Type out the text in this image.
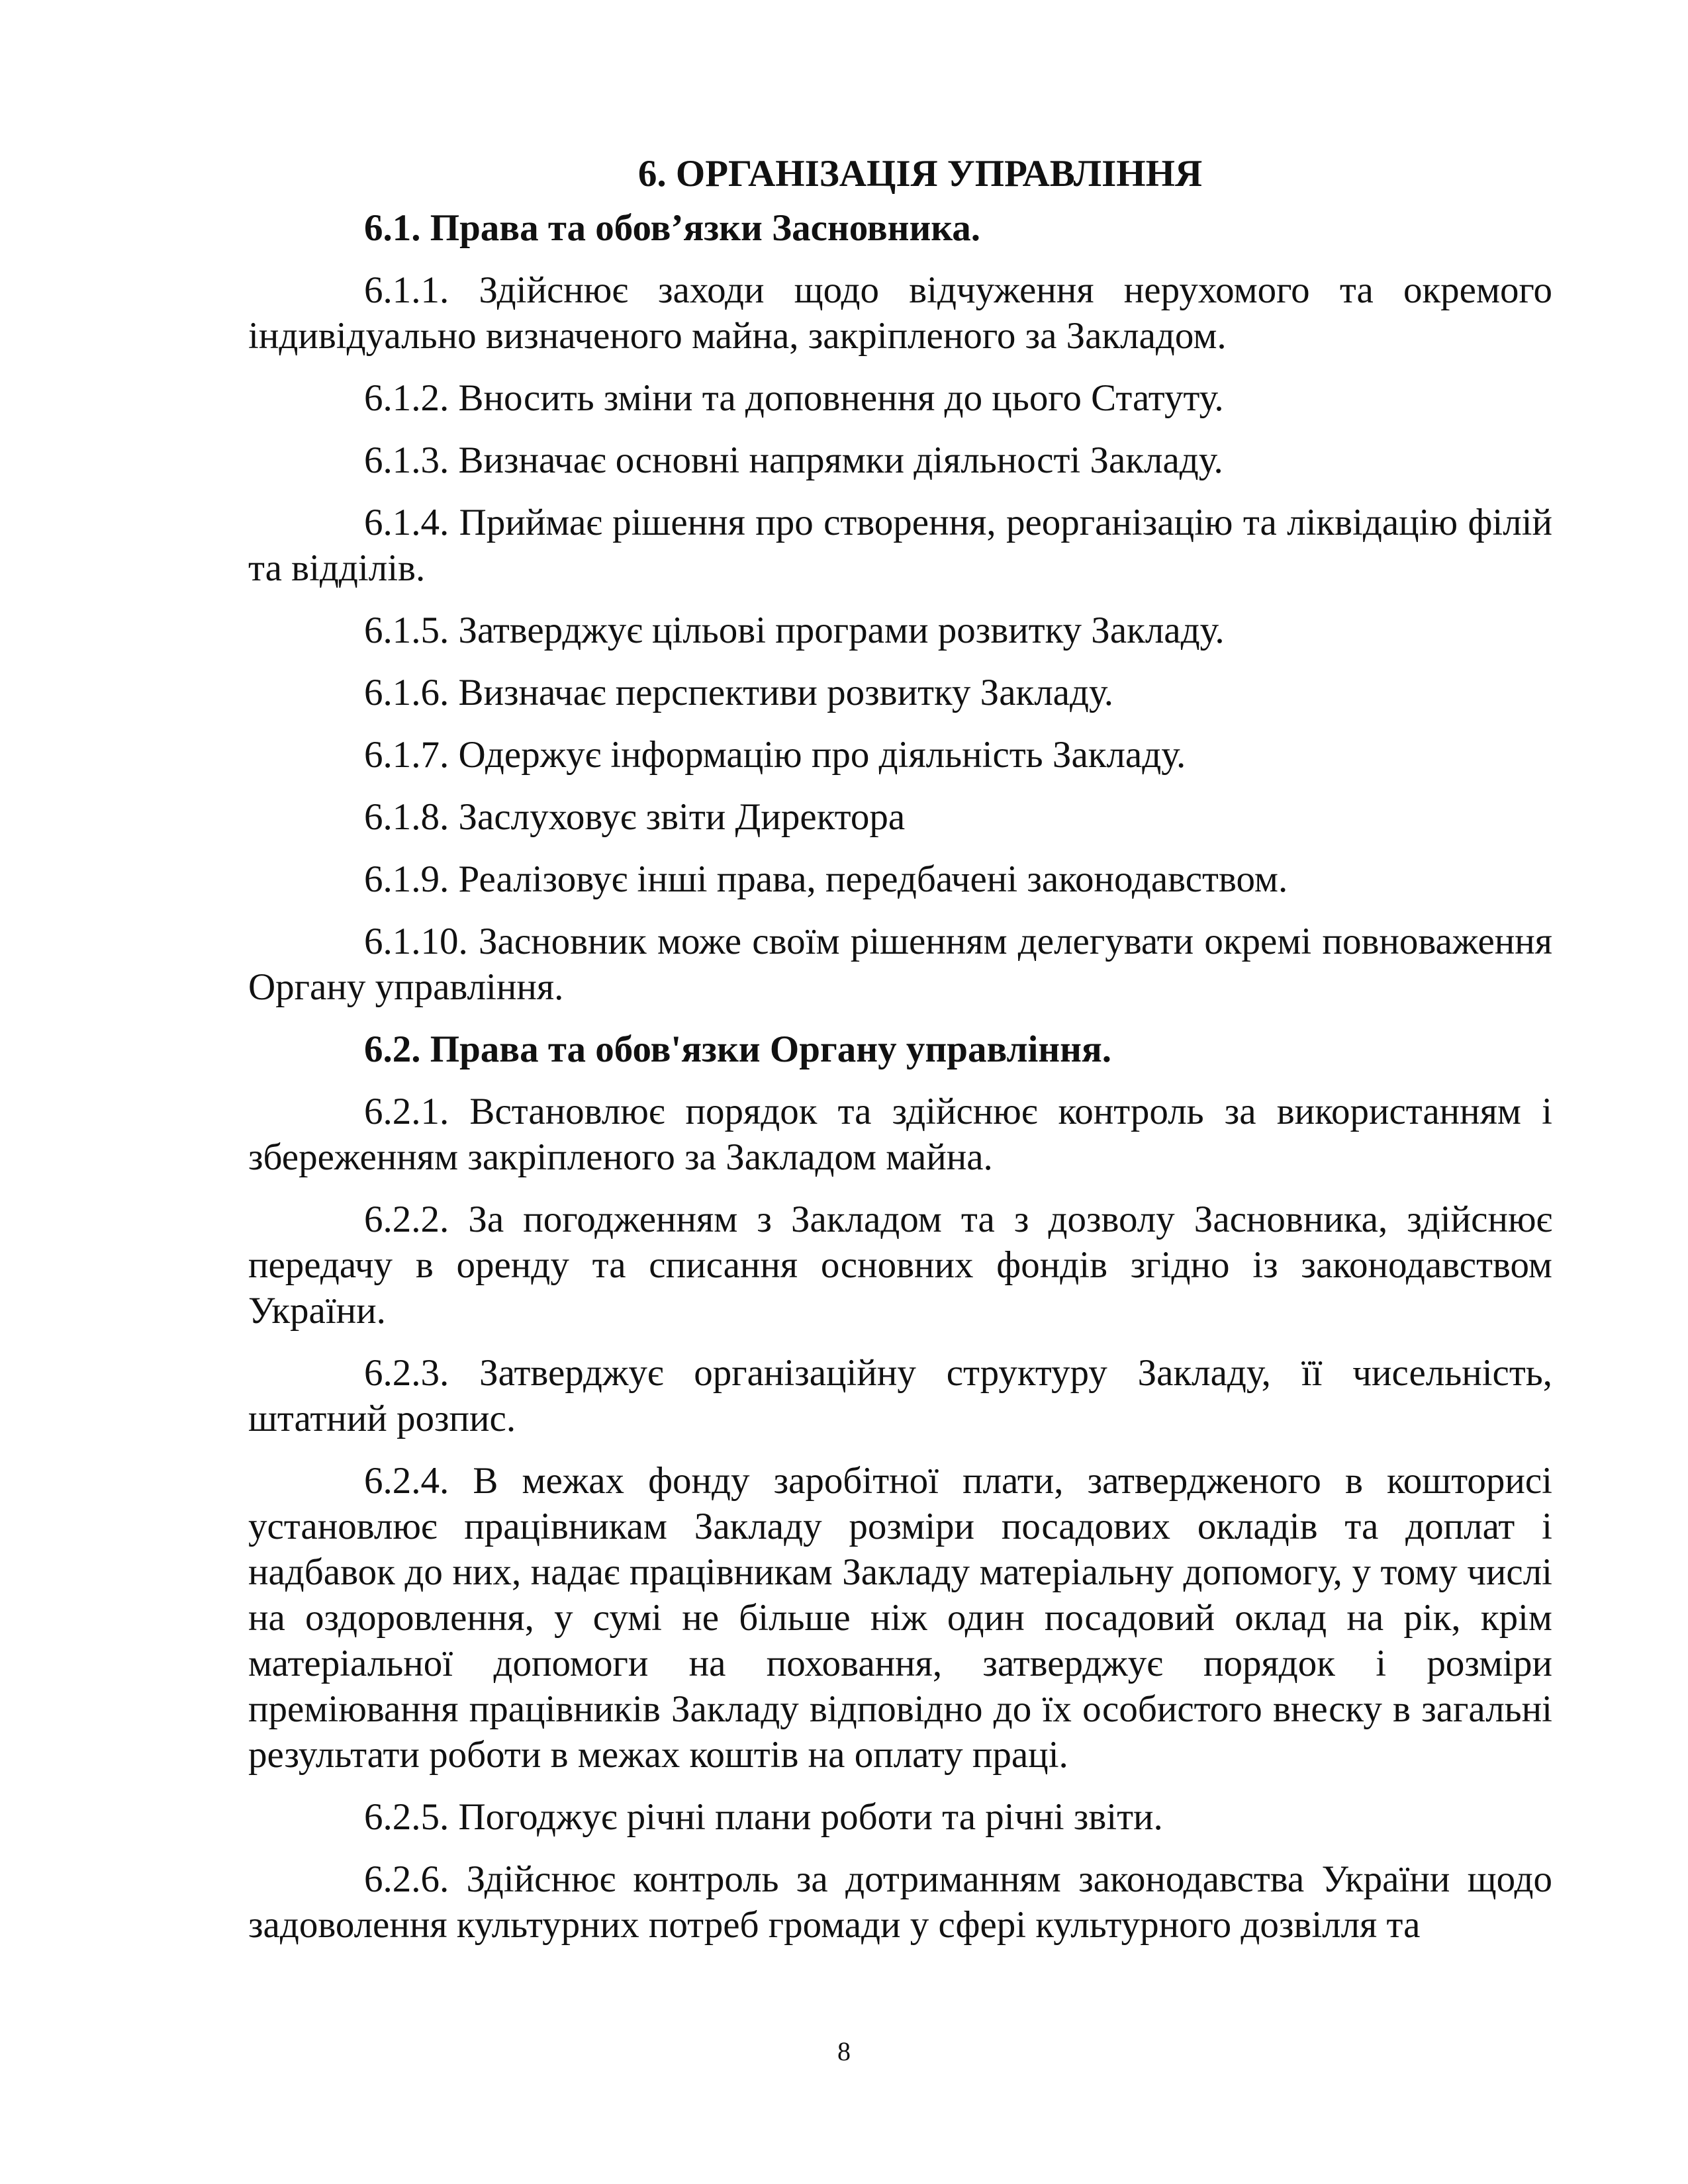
6. ОРГАНІЗАЦІЯ УПРАВЛІННЯ
6.1. Права та обов’язки Засновника.

6.1.1. Здійснює заходи щодо відчуження нерухомого та окремого індивідуально визначеного майна, закріпленого за Закладом.

6.1.2. Вносить зміни та доповнення до цього Статуту.

6.1.3. Визначає основні напрямки діяльності Закладу.

6.1.4. Приймає рішення про створення, реорганізацію та ліквідацію філій та відділів.

6.1.5. Затверджує цільові програми розвитку Закладу.

6.1.6. Визначає перспективи розвитку Закладу.

6.1.7. Одержує інформацію про діяльність Закладу.

6.1.8. Заслуховує звіти Директора

6.1.9. Реалізовує інші права, передбачені законодавством.

6.1.10. Засновник може своїм рішенням делегувати окремі повноваження Органу управління.

6.2. Права та обов'язки Органу управління.

6.2.1. Встановлює порядок та здійснює контроль за використанням і збереженням закріпленого за Закладом майна.

6.2.2. За погодженням з Закладом та з дозволу Засновника, здійснює передачу в оренду та списання основних фондів згідно із законодавством України.

6.2.3. Затверджує організаційну структуру Закладу, її чисельність, штатний розпис.

6.2.4. В межах фонду заробітної плати, затвердженого в кошторисі установлює працівникам Закладу розміри посадових окладів та доплат і надбавок до них, надає працівникам Закладу матеріальну допомогу, у тому числі на оздоровлення, у сумі не більше ніж один посадовий оклад на рік, крім матеріальної допомоги на поховання, затверджує порядок і розміри преміювання працівників Закладу відповідно до їх особистого внеску в загальні результати роботи в межах коштів на оплату праці.

6.2.5. Погоджує річні плани роботи та річні звіти.

6.2.6. Здійснює контроль за дотриманням законодавства України щодо задоволення культурних потреб громади у сфері культурного дозвілля та

8
